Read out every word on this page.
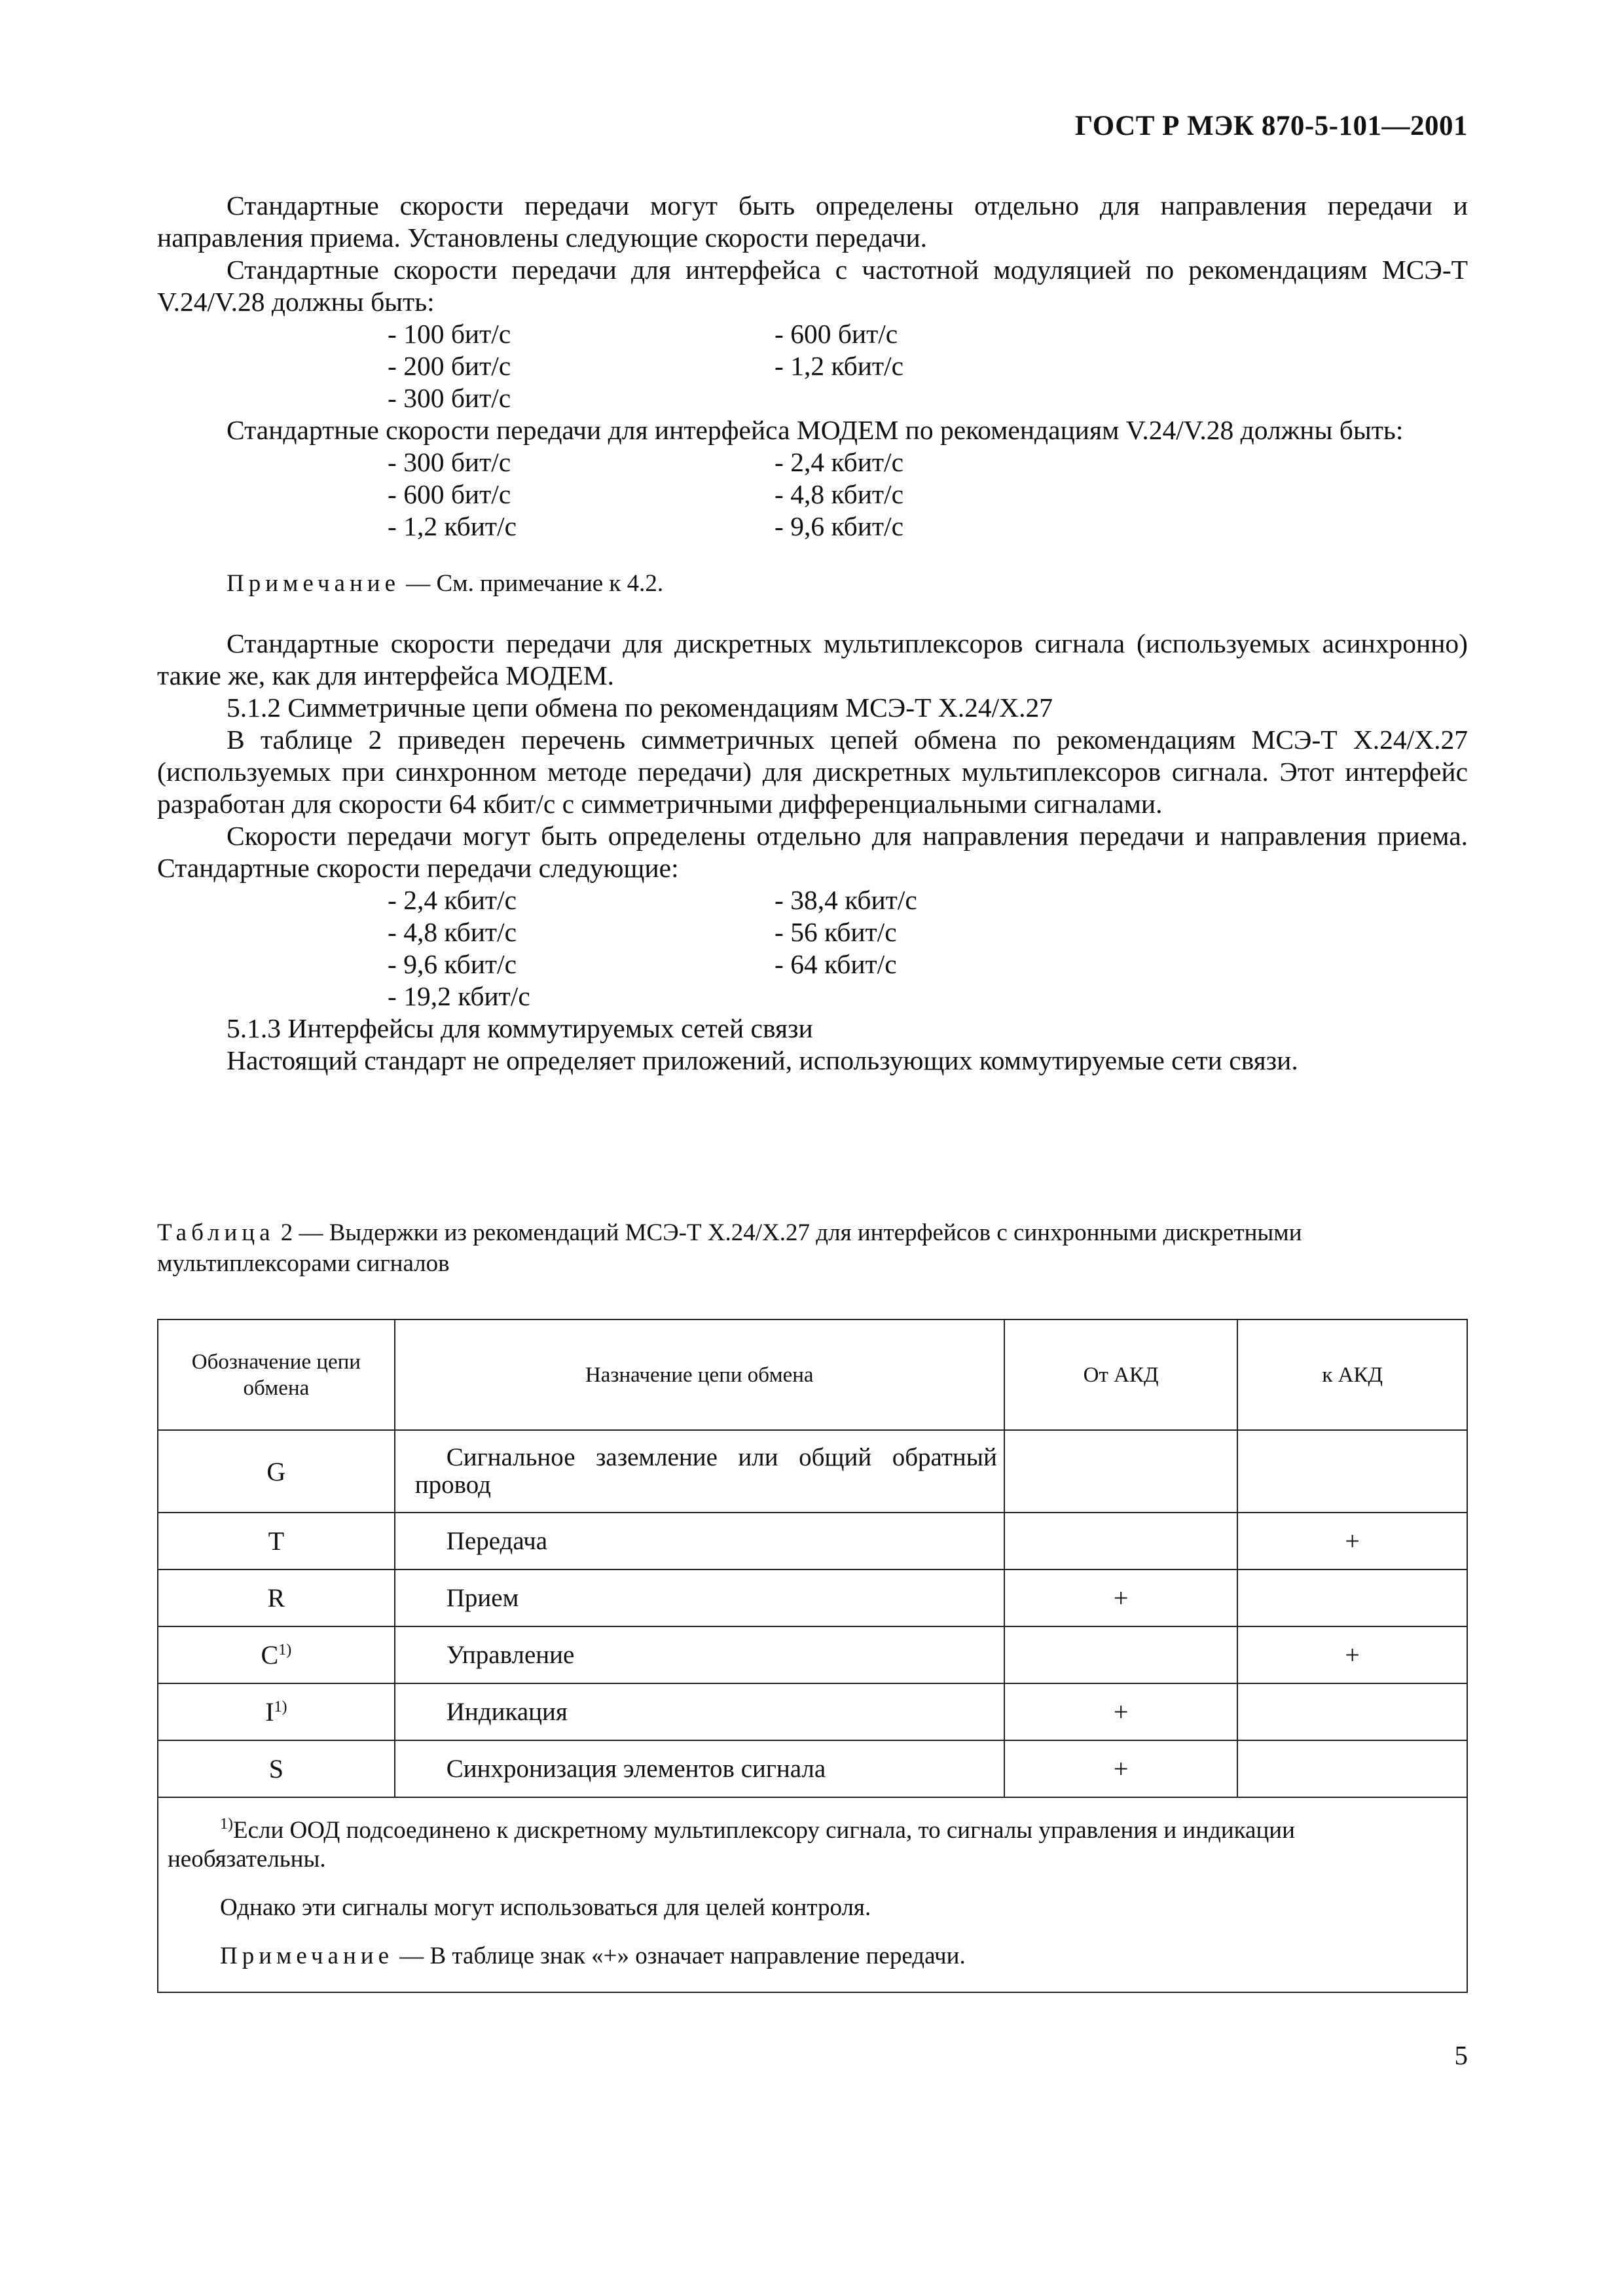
ГОСТ Р МЭК 870-5-101—2001

Стандартные скорости передачи могут быть определены отдельно для направления передачи и направления приема. Установлены следующие скорости передачи.

Стандартные скорости передачи для интерфейса с частотной модуляцией по рекомендациям МСЭ-Т V.24/V.28 должны быть:

- 100 бит/с	- 600 бит/с
- 200 бит/с	- 1,2 кбит/с
- 300 бит/с

Стандартные скорости передачи для интерфейса МОДЕМ по рекомендациям V.24/V.28 должны быть:

- 300 бит/с	- 2,4 кбит/с
- 600 бит/с	- 4,8 кбит/с
- 1,2 кбит/с	- 9,6 кбит/с
Примечание — См. примечание к 4.2.

Стандартные скорости передачи для дискретных мультиплексоров сигнала (используемых асинхронно) такие же, как для интерфейса МОДЕМ.

5.1.2 Симметричные цепи обмена по рекомендациям МСЭ-Т X.24/X.27

В таблице 2 приведен перечень симметричных цепей обмена по рекомендациям МСЭ-Т X.24/X.27 (используемых при синхронном методе передачи) для дискретных мультиплексоров сигнала. Этот интерфейс разработан для скорости 64 кбит/с с симметричными дифференциальными сигналами.

Скорости передачи могут быть определены отдельно для направления передачи и направления приема. Стандартные скорости передачи следующие:

- 2,4 кбит/с	- 38,4 кбит/с
- 4,8 кбит/с	- 56 кбит/с
- 9,6 кбит/с	- 64 кбит/с
- 19,2 кбит/с

5.1.3 Интерфейсы для коммутируемых сетей связи

Настоящий стандарт не определяет приложений, использующих коммутируемые сети связи.

Таблица 2 — Выдержки из рекомендаций МСЭ-Т X.24/X.27 для интерфейсов с синхронными дискретными мультиплексорами сигналов
Обозначение цепи обмена	Назначение цепи обмена	От АКД	к АКД
G	Сигнальное заземление или общий обратный
провод		

T	Передача		+
R	Прием	+	
$C^{1)}$	Управление		+
$I^{1)}$	Индикация	+	
S	Синхронизация элементов сигнала	+	

$^{1)}$Если ООД подсоединено к дискретному мультиплексору сигнала, то сигналы управления и индикации необязательны.

Однако эти сигналы могут использоваться для целей контроля.

Примечание — В таблице знак «+» означает направление передачи.			

5
